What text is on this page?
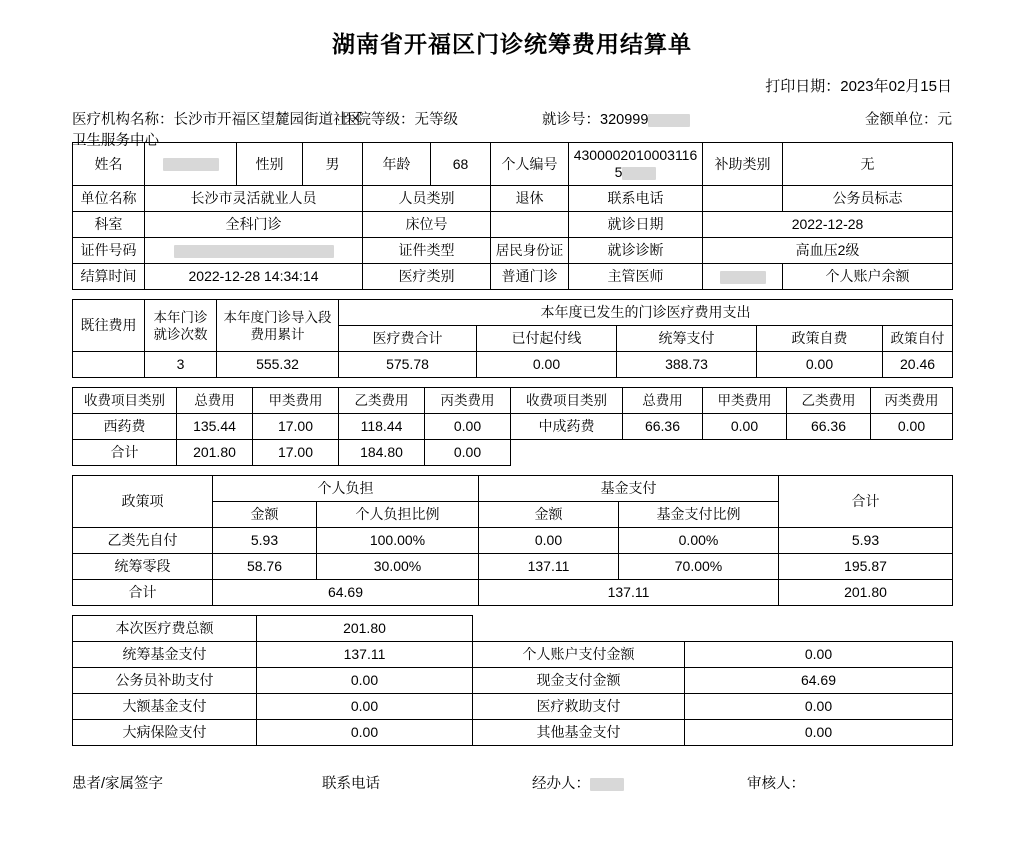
湖南省开福区门诊统筹费用结算单
打印日期：2023年02月15日
医疗机构名称：长沙市开福区望麓园街道社区卫生服务中心
医院等级：无等级	就诊号：320999	金额单位：元
姓名		性别	男	年龄	68	个人编号	43000020100031165	补助类别	无
单位名称	长沙市灵活就业人员			人员类别		退休	联系电话		公务员标志
科室	全科门诊			床位号			就诊日期	2022-12-28	
证件号码				证件类型		居民身份证	就诊诊断	高血压2级	
结算时间	2022-12-28 14:34:14			医疗类别		普通门诊	主管医师		个人账户余额
既往费用	本年门诊就诊次数	本年度门诊导入段费用累计	本年度已发生的门诊医疗费用支出				
			医疗费合计	已付起付线	统筹支付	政策自费	政策自付
	3	555.32	575.78	0.00	388.73	0.00	20.46
收费项目类别	总费用	甲类费用	乙类费用	丙类费用	收费项目类别	总费用	甲类费用	乙类费用	丙类费用
西药费	135.44	17.00	118.44	0.00	中成药费	66.36	0.00	66.36	0.00
合计	201.80	17.00	184.80	0.00					
政策项	个人负担		基金支付		合计
	金额	个人负担比例	金额	基金支付比例	
乙类先自付	5.93	100.00%	0.00	0.00%	5.93
统筹零段	58.76	30.00%	137.11	70.00%	195.87
合计	64.69		137.11		201.80
本次医疗费总额	201.80		
统筹基金支付	137.11	个人账户支付金额	0.00
公务员补助支付	0.00	现金支付金额	64.69
大额基金支付	0.00	医疗救助支付	0.00
大病保险支付	0.00	其他基金支付	0.00
患者/家属签字	联系电话	经办人：	审核人：
